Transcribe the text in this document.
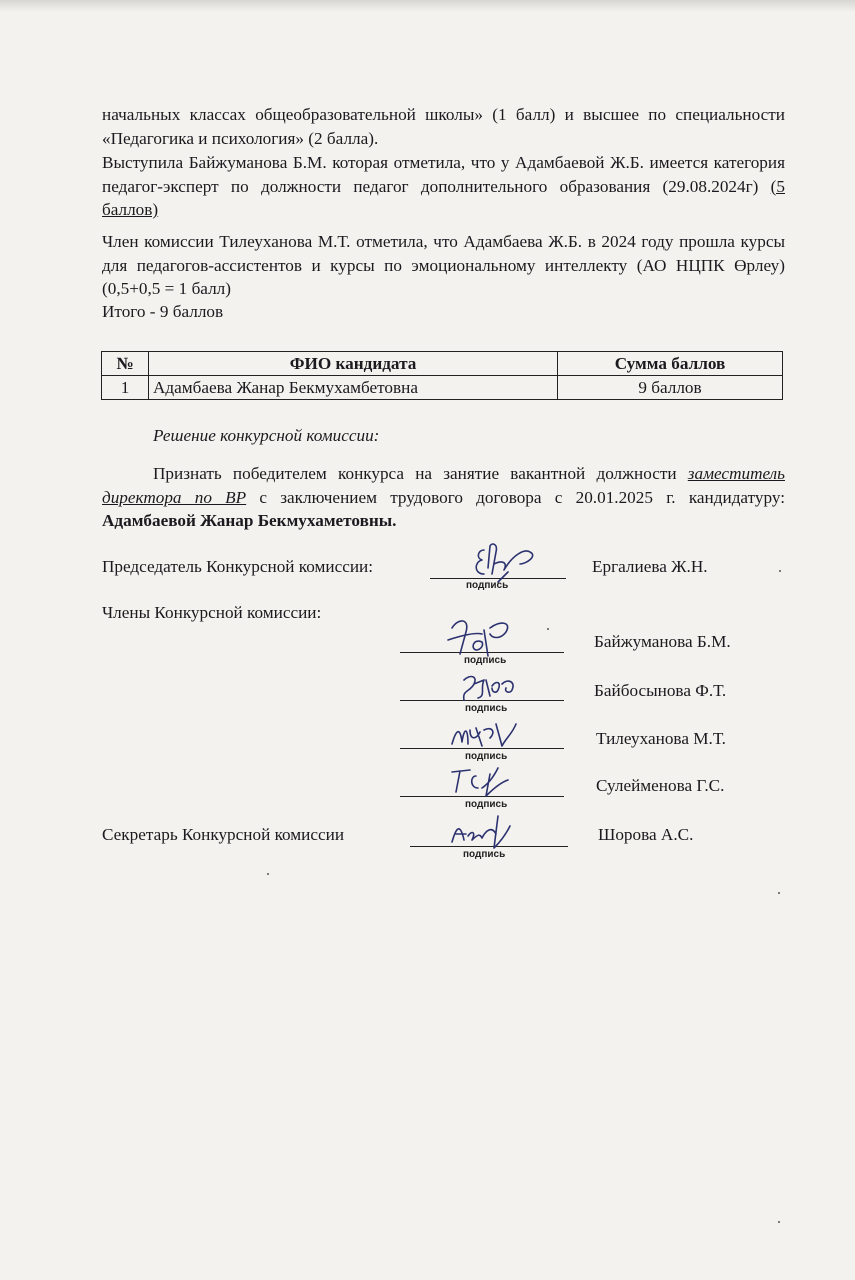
начальных классах общеобразовательной школы» (1 балл) и высшее по специальности «Педагогика и психология» (2 балла).
Выступила Байжуманова Б.М. которая отметила, что у Адамбаевой Ж.Б. имеется категория педагог-эксперт по должности педагог дополнительного образования (29.08.2024г) (5 баллов)
Член комиссии Тилеуханова М.Т. отметила, что Адамбаева Ж.Б. в 2024 году прошла курсы для педагогов-ассистентов и курсы по эмоциональному интеллекту (АО НЦПК Өрлеу) (0,5+0,5 = 1 балл)
Итого - 9 баллов
№	ФИО кандидата	Сумма баллов
1	Адамбаева Жанар Бекмухамбетовна	9 баллов
Решение конкурсной комиссии:
Признать победителем конкурса на занятие вакантной должности заместитель директора по ВР с заключением трудового договора с 20.01.2025 г. кандидатуру: Адамбаевой Жанар Бекмухаметовны.
Председатель Конкурсной комиссии:
подпись
Ергалиева Ж.Н.
Члены Конкурсной комиссии:
подпись
Байжуманова Б.М.
подпись
Байбосынова Ф.Т.
подпись
Тилеуханова М.Т.
подпись
Сулейменова Г.С.
Секретарь Конкурсной комиссии
подпись
Шорова А.С.
